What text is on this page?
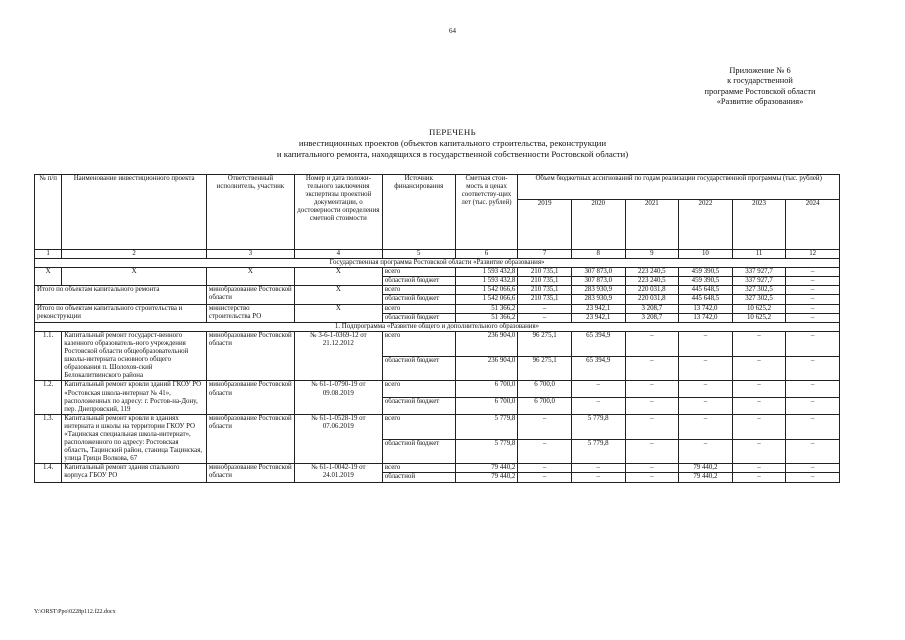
64
Приложение № 6
к государственной
программе Ростовской области
«Развитие образования»
ПЕРЕЧЕНЬ
инвестиционных проектов (объектов капитального строительства, реконструкции
и капитального ремонта, находящихся в государственной собственности Ростовской области)
№ п/п	Наименование инвестиционного проекта	Ответственный исполнитель, участник	Номер и дата положи-тельного заключения экспертизы проектной документации, о достоверности определения сметной стоимости	Источник финансирования	Сметная стои-мость в ценах соответству-щих лет (тыс. рублей)	Объем бюджетных ассигнований по годам реализации государственной программы (тыс. рублей)					
						2019	2020	2021	2022	2023	2024
1	2	3	4	5	6	7	8	9	10	11	12
Государственная программа Ростовской области «Развитие образования»											
Х	Х	Х	Х	всего	1 593 432,8	210 735,1	307 873,0	223 240,5	459 390,5	337 927,7	–
				областной бюджет	1 593 432,8	210 735,1	307 873,0	223 240,5	459 390,5	337 927,7	–
Итого по объектам капитального ремонта		минобразование Ростовской области	Х	всего	1 542 066,6	210 735,1	283 930,9	220 031,8	445 648,5	327 302,5	–
				областной бюджет	1 542 066,6	210 735,1	283 930,9	220 031,8	445 648,5	327 302,5	–
Итого по объектам капитального строительства и реконструкции		министерство строительства РО	Х	всего	51 366,2	–	23 942,1	3 208,7	13 742,0	10 625,2	–
				областной бюджет	51 366,2	–	23 942,1	3 208,7	13 742,0	10 625,2	–
1. Подпрограмма «Развитие общего и дополнительного образования»											
1.1.	Капитальный ремонт государст-венного казенного образователь-ного учреждения Ростовской области общеобразовательной школы-интерната основного общего образования п. Шолохов-ский Белокалитвинского района	минобразование Ростовской области	№ 3-6-1-0369-12 от 21.12.2012	всего	236 904,0	96 275,1	65 394,9	–	–	–	–
				областной бюджет	236 904,0	96 275,1	65 394,9	–	–	–	–
1.2.	Капитальный ремонт кровли зданий ГКОУ РО «Ростовская школа-интернат № 41», расположенных по адресу: г. Ростов-на-Дону, пер. Днепровский, 119	минобразование Ростовской области	№ 61-1-0790-19 от 09.08.2019	всего	6 700,0	6 700,0	–	–	–	–	–
				областной бюджет	6 700,0	6 700,0	–	–	–	–	–
1.3.	Капитальный ремонт кровли в зданиях интерната и школы на территории ГКОУ РО «Тацинская специальная школа-интернат», расположенного по адресу: Ростовская область, Тацинский район, станица Тацинская, улица Грицн Волкова, 67	минобразование Ростовской области	№ 61-1-0528-19 от 07.06.2019	всего	5 779,8	–	5 779,8	–	–	–	–
				областной бюджет	5 779,8	–	5 779,8	–	–	–	–
1.4.	Капитальный ремонт здания спального корпуса ГБОУ РО	минобразование Ростовской области	№ 61-1-0042-19 от 24.01.2019	всего	79 440,2	–	–	–	79 440,2	–	–
				областной	79 440,2	–	–	–	79 440,2	–	–
Y:\ORST\Ppo\0228p112.f22.docx
